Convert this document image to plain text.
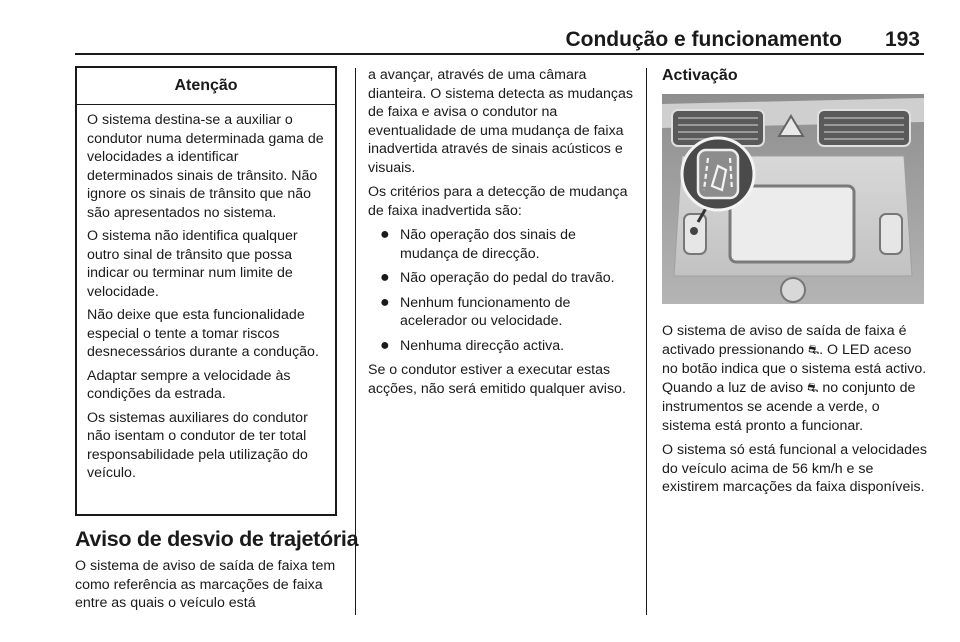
Condução e funcionamento 193
Atenção

O sistema destina-se a auxiliar o condutor numa determinada gama de velocidades a identificar determinados sinais de trânsito. Não ignore os sinais de trânsito que não são apresentados no sistema.

O sistema não identifica qualquer outro sinal de trânsito que possa indicar ou terminar num limite de velocidade.

Não deixe que esta funcionalidade especial o tente a tomar riscos desnecessários durante a condução.

Adaptar sempre a velocidade às condições da estrada.

Os sistemas auxiliares do condutor não isentam o condutor de ter total responsabilidade pela utilização do veículo.

Aviso de desvio de trajetória

O sistema de aviso de saída de faixa tem como referência as marcações de faixa entre as quais o veículo está

a avançar, através de uma câmara dianteira. O sistema detecta as mudanças de faixa e avisa o condutor na eventualidade de uma mudança de faixa inadvertida através de sinais acústicos e visuais.

Os critérios para a detecção de mudança de faixa inadvertida são:

● Não operação dos sinais de mudança de direcção.
● Não operação do pedal do travão.
● Nenhum funcionamento de acelerador ou velocidade.
● Nenhuma direcção activa.

Se o condutor estiver a executar estas acções, não será emitido qualquer aviso.

Activação

O sistema de aviso de saída de faixa é activado pressionando ⛐. O LED aceso no botão indica que o sistema está activo. Quando a luz de aviso ⛐ no conjunto de instrumentos se acende a verde, o sistema está pronto a funcionar.

O sistema só está funcional a velocidades do veículo acima de 56 km/h e se existirem marcações da faixa disponíveis.
